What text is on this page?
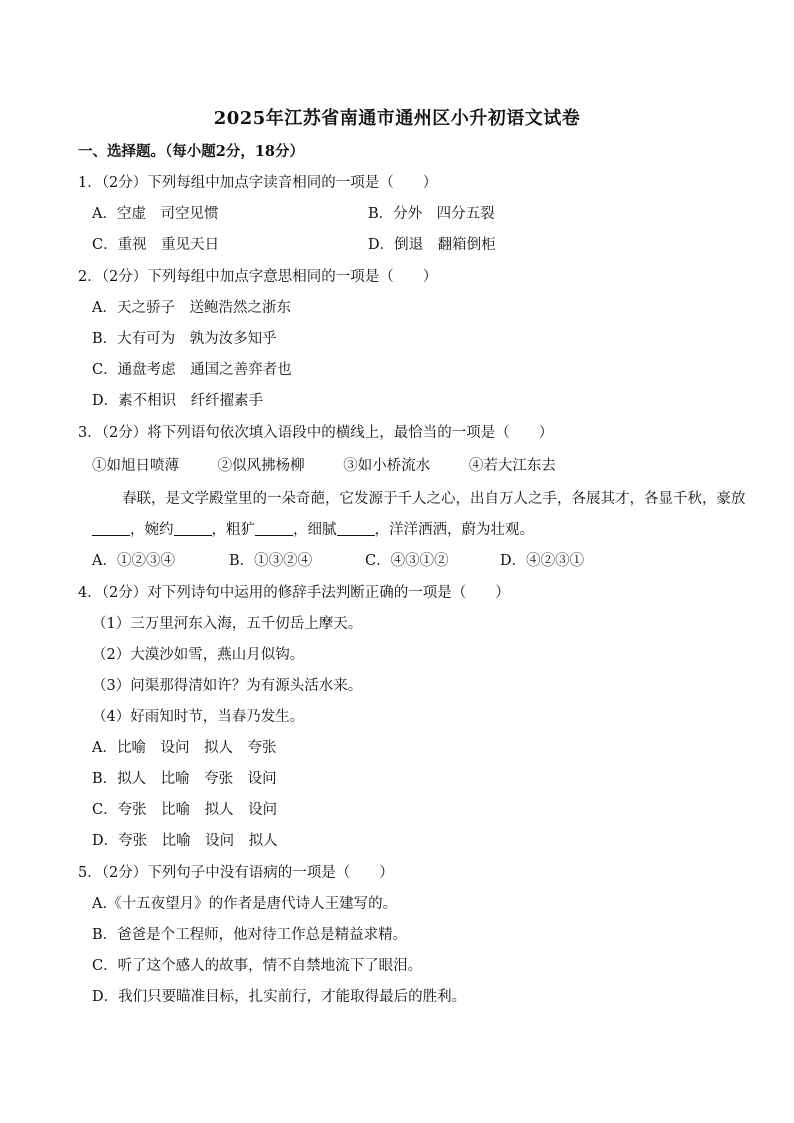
2025年江苏省南通市通州区小升初语文试卷
一、选择题。（每小题2分，18分）
1．（2分）下列每组中加点字读音相同的一项是（　　）
A．空虚　司空见惯	B．分外　四分五裂
C．重视　重见天日	D．倒退　翻箱倒柜
2．（2分）下列每组中加点字意思相同的一项是（　　）
A．天之骄子　送鲍浩然之浙东
B．大有可为　孰为汝多知乎
C．通盘考虑　通国之善弈者也
D．素不相识　纤纤擢素手
3．（2分）将下列语句依次填入语段中的横线上，最恰当的一项是（　　）
①如旭日喷薄	②似风拂杨柳	③如小桥流水	④若大江东去
春联，是文学殿堂里的一朵奇葩，它发源于千人之心，出自万人之手，各展其才，各显千秋，豪放
，婉约	，粗犷	，细腻	，洋洋洒洒，蔚为壮观。
A．①②③④	B．①③②④	C．④③①②	D．④②③①
4．（2分）对下列诗句中运用的修辞手法判断正确的一项是（　　）
（1）三万里河东入海，五千仞岳上摩天。
（2）大漠沙如雪，燕山月似钩。
（3）问渠那得清如许？为有源头活水来。
（4）好雨知时节，当春乃发生。
A．比喻　设问　拟人　夸张
B．拟人　比喻　夸张　设问
C．夸张　比喻　拟人　设问
D．夸张　比喻　设问　拟人
5．（2分）下列句子中没有语病的一项是（　　）
A.《十五夜望月》的作者是唐代诗人王建写的。
B．爸爸是个工程师，他对待工作总是精益求精。
C．听了这个感人的故事，情不自禁地流下了眼泪。
D．我们只要瞄准目标，扎实前行，才能取得最后的胜利。
